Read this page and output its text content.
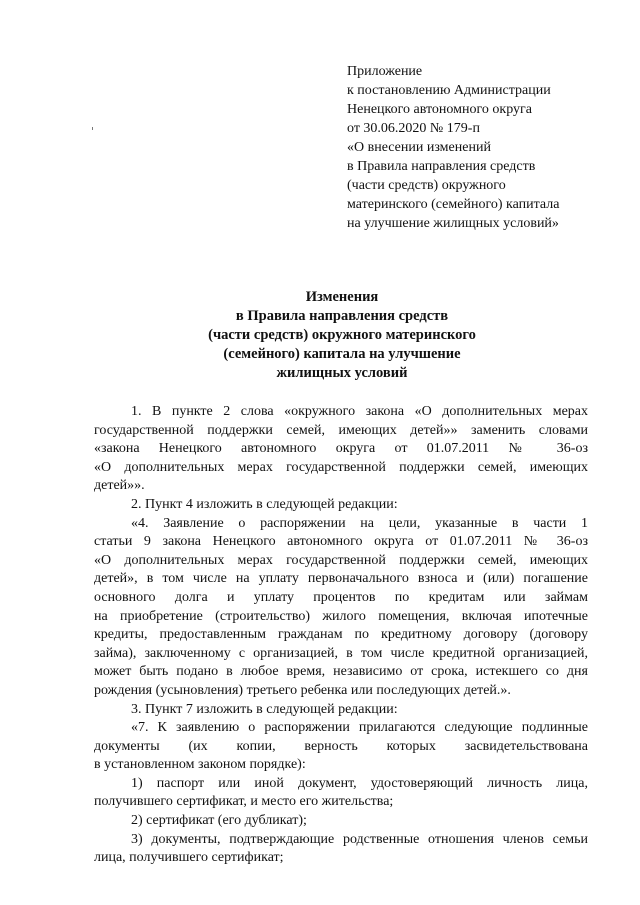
Приложение
к постановлению Администрации
Ненецкого автономного округа
от 30.06.2020 № 179-п
«О внесении изменений
в Правила направления средств
(части средств) окружного
материнского (семейного) капитала
на улучшение жилищных условий»
Изменения
в Правила направления средств
(части средств) окружного материнского
(семейного) капитала на улучшение
жилищных условий
1. В пункте 2 слова «окружного закона «О дополнительных мерах
государственной поддержки семей, имеющих детей»» заменить словами
«закона Ненецкого автономного округа от 01.07.2011 № 36-оз
«О дополнительных мерах государственной поддержки семей, имеющих
детей»».
2. Пункт 4 изложить в следующей редакции:
«4. Заявление о распоряжении на цели, указанные в части 1
статьи 9 закона Ненецкого автономного округа от 01.07.2011 № 36-оз
«О дополнительных мерах государственной поддержки семей, имеющих
детей», в том числе на уплату первоначального взноса и (или) погашение
основного долга и уплату процентов по кредитам или займам
на приобретение (строительство) жилого помещения, включая ипотечные
кредиты, предоставленным гражданам по кредитному договору (договору
займа), заключенному с организацией, в том числе кредитной организацией,
может быть подано в любое время, независимо от срока, истекшего со дня
рождения (усыновления) третьего ребенка или последующих детей.».
3. Пункт 7 изложить в следующей редакции:
«7. К заявлению о распоряжении прилагаются следующие подлинные
документы (их копии, верность которых засвидетельствована
в установленном законом порядке):
1) паспорт или иной документ, удостоверяющий личность лица,
получившего сертификат, и место его жительства;
2) сертификат (его дубликат);
3) документы, подтверждающие родственные отношения членов семьи
лица, получившего сертификат;
